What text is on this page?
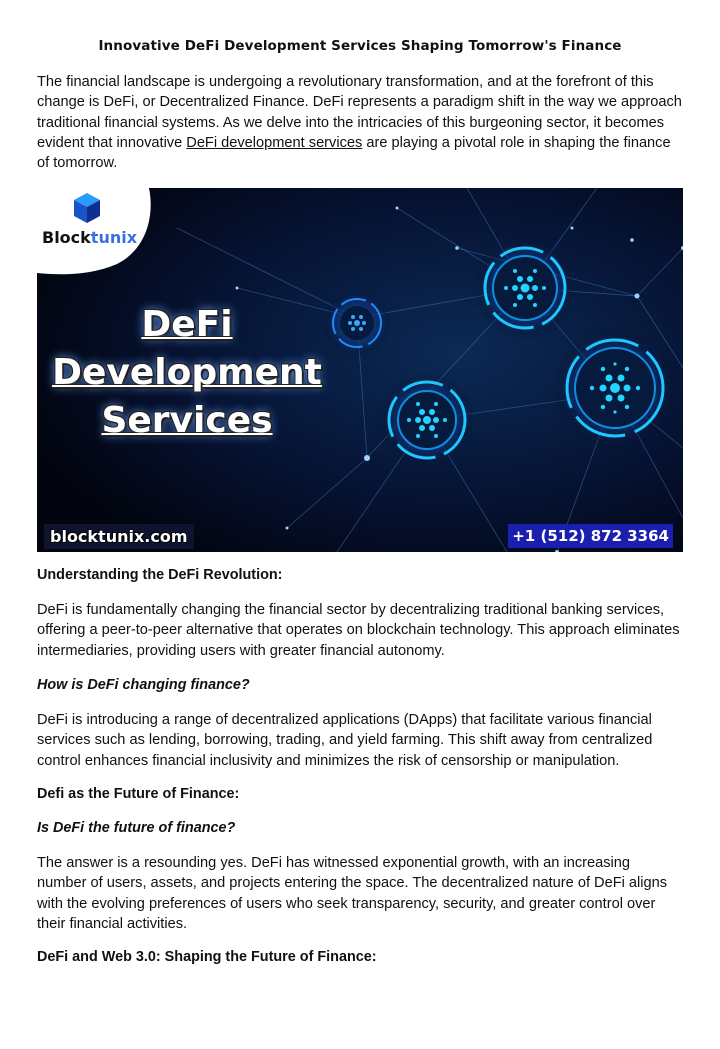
Innovative DeFi Development Services Shaping Tomorrow's Finance

The financial landscape is undergoing a revolutionary transformation, and at the forefront of this change is DeFi, or Decentralized Finance. DeFi represents a paradigm shift in the way we approach traditional financial systems. As we delve into the intricacies of this burgeoning sector, it becomes evident that innovative DeFi development services are playing a pivotal role in shaping the finance of tomorrow.

Blocktunix
DeFi
Development
Services
blocktunix.com	+1 (512) 872 3364
Understanding the DeFi Revolution:

DeFi is fundamentally changing the financial sector by decentralizing traditional banking services, offering a peer-to-peer alternative that operates on blockchain technology. This approach eliminates intermediaries, providing users with greater financial autonomy.

How is DeFi changing finance?

DeFi is introducing a range of decentralized applications (DApps) that facilitate various financial services such as lending, borrowing, trading, and yield farming. This shift away from centralized control enhances financial inclusivity and minimizes the risk of censorship or manipulation.

Defi as the Future of Finance:
Is DeFi the future of finance?

The answer is a resounding yes. DeFi has witnessed exponential growth, with an increasing number of users, assets, and projects entering the space. The decentralized nature of DeFi aligns with the evolving preferences of users who seek transparency, security, and greater control over their financial activities.

DeFi and Web 3.0: Shaping the Future of Finance:
